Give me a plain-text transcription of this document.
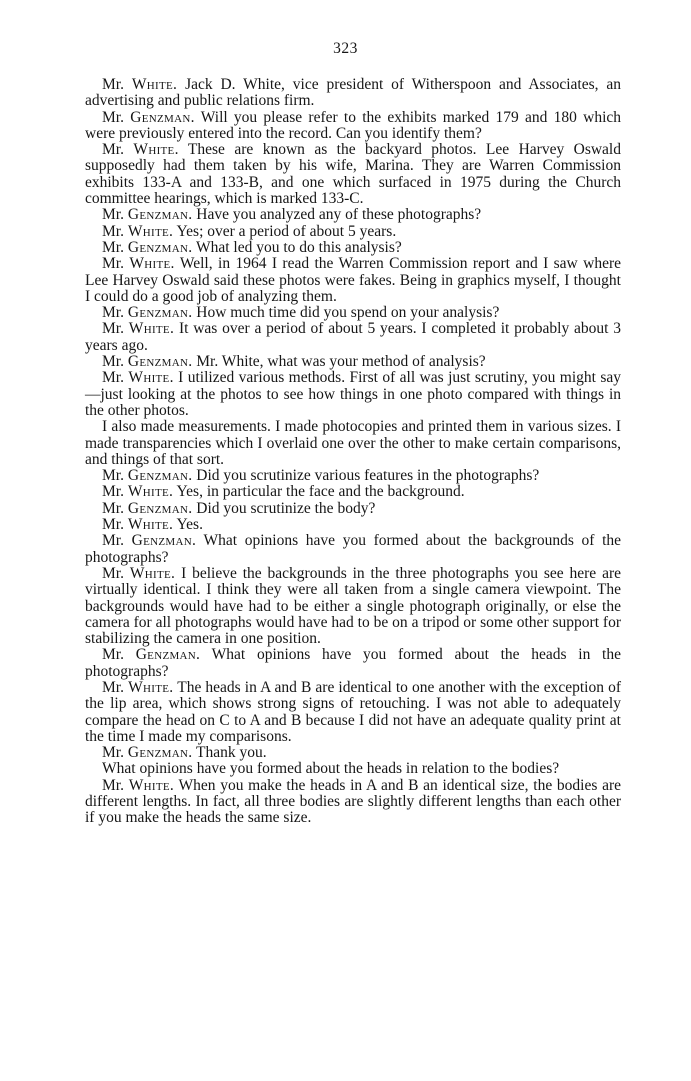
323

Mr. White. Jack D. White, vice president of Witherspoon and Associates, an advertising and public relations firm.

Mr. Genzman. Will you please refer to the exhibits marked 179 and 180 which were previously entered into the record. Can you identify them?

Mr. White. These are known as the backyard photos. Lee Harvey Oswald supposedly had them taken by his wife, Marina. They are Warren Commission exhibits 133-A and 133-B, and one which surfaced in 1975 during the Church committee hearings, which is marked 133-C.

Mr. Genzman. Have you analyzed any of these photographs?

Mr. White. Yes; over a period of about 5 years.

Mr. Genzman. What led you to do this analysis?

Mr. White. Well, in 1964 I read the Warren Commission report and I saw where Lee Harvey Oswald said these photos were fakes. Being in graphics myself, I thought I could do a good job of analyzing them.

Mr. Genzman. How much time did you spend on your analysis?

Mr. White. It was over a period of about 5 years. I completed it probably about 3 years ago.

Mr. Genzman. Mr. White, what was your method of analysis?

Mr. White. I utilized various methods. First of all was just scrutiny, you might say—just looking at the photos to see how things in one photo compared with things in the other photos.

I also made measurements. I made photocopies and printed them in various sizes. I made transparencies which I overlaid one over the other to make certain comparisons, and things of that sort.

Mr. Genzman. Did you scrutinize various features in the photographs?

Mr. White. Yes, in particular the face and the background.

Mr. Genzman. Did you scrutinize the body?

Mr. White. Yes.

Mr. Genzman. What opinions have you formed about the backgrounds of the photographs?

Mr. White. I believe the backgrounds in the three photographs you see here are virtually identical. I think they were all taken from a single camera viewpoint. The backgrounds would have had to be either a single photograph originally, or else the camera for all photographs would have had to be on a tripod or some other support for stabilizing the camera in one position.

Mr. Genzman. What opinions have you formed about the heads in the photographs?

Mr. White. The heads in A and B are identical to one another with the exception of the lip area, which shows strong signs of retouching. I was not able to adequately compare the head on C to A and B because I did not have an adequate quality print at the time I made my comparisons.

Mr. Genzman. Thank you.

What opinions have you formed about the heads in relation to the bodies?

Mr. White. When you make the heads in A and B an identical size, the bodies are different lengths. In fact, all three bodies are slightly different lengths than each other if you make the heads the same size.
